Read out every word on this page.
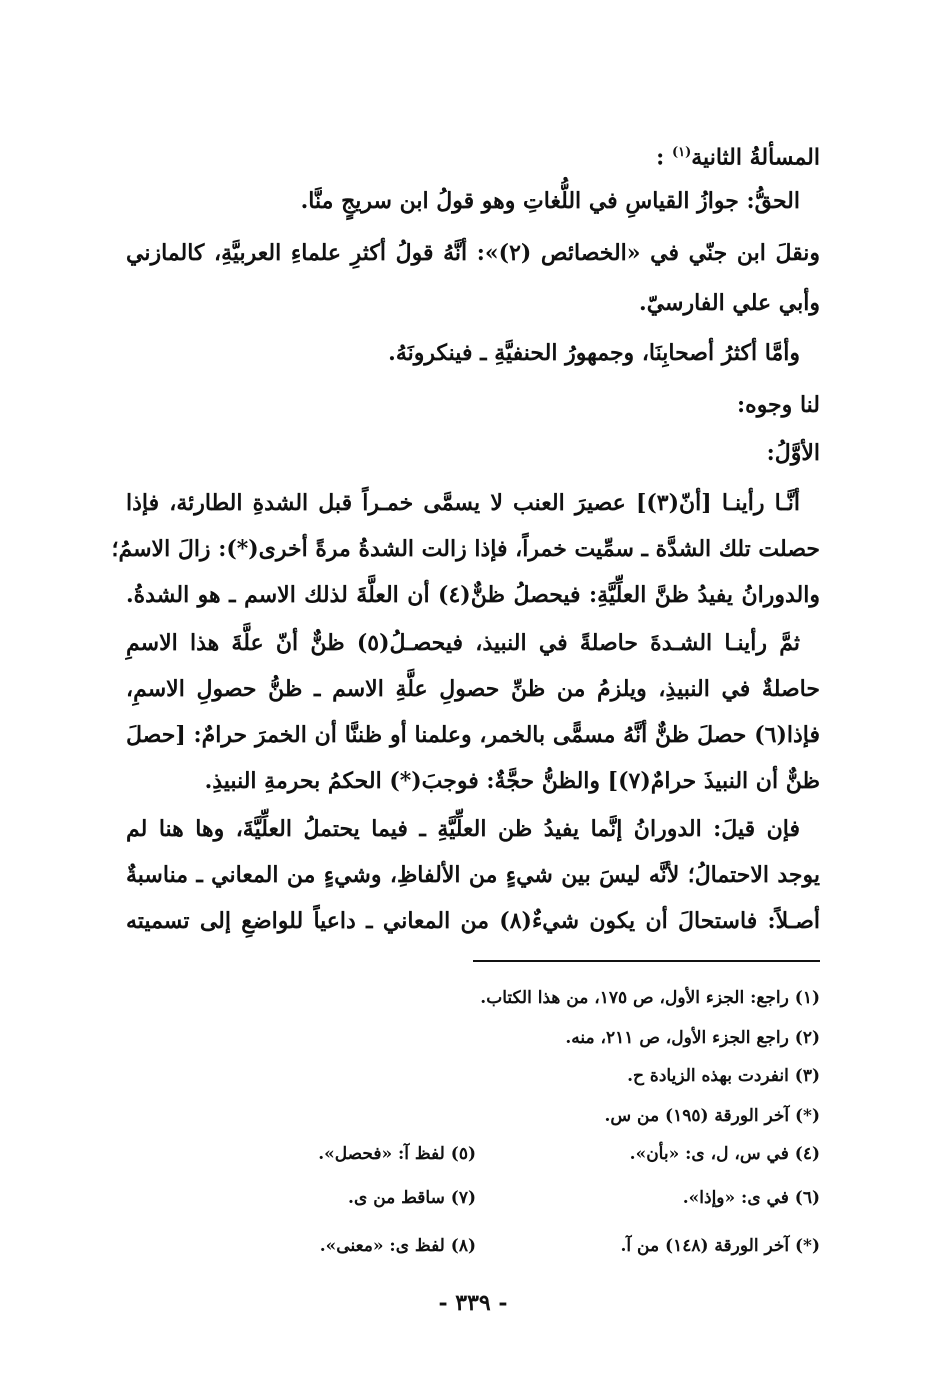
المسألةُ الثانية$^{(١)}$ :
الحقُّ: جوازُ القياسِ في اللُّغاتِ وهو قولُ ابن سريجٍ منَّا.
ونقلَ ابن جنّي في «الخصائص (٢)»: أنَّهُ قولُ أكثرِ علماءِ العربيَّةِ، كالمازني
وأبي علي الفارسيّ.
وأمَّا أكثرُ أصحابِنَا، وجمهورُ الحنفيَّةِ ـ فينكرونَهُ.
لنا وجوه:
الأوَّلُ:
أنَّـا رأينـا [أنّ(٣)] عصيرَ العنب لا يسمَّى خمـراً قبل الشدةِ الطارئة، فإذا
حصلت تلك الشدَّة ـ سمِّيت خمراً، فإذا زالت الشدةُ مرةً أخرى(*): زالَ الاسمُ؛
والدورانُ يفيدُ ظنَّ العلِّيَّةِ: فيحصلُ ظنٌّ(٤) أن العلَّةَ لذلك الاسم ـ هو الشدةُ.
ثمَّ رأينـا الشـدةَ حاصلةً في النبيذ، فيحصـلُ(٥) ظنٌّ أنّ علَّةَ هذا الاسمِ
حاصلةٌ في النبيذِ، ويلزمُ من ظنِّ حصولِ علَّةِ الاسم ـ ظنُّ حصولِ الاسمِ،
فإذا(٦) حصلَ ظنٌّ أنَّهُ مسمًّى بالخمر، وعلمنا أو ظننَّا أن الخمرَ حرامٌ: [حصلَ
ظنٌّ أن النبيذَ حرامٌ(٧)] والظنُّ حجَّةٌ: فوجبَ(*) الحكمُ بحرمةِ النبيذِ.
فإن قيلَ: الدورانُ إنَّما يفيدُ ظن العلِّيَّةِ ـ فيما يحتملُ العلِّيَّةَ، وها هنا لم
يوجد الاحتمالُ؛ لأنَّه ليسَ بين شيءٍ من الألفاظِ، وشيءٍ من المعاني ـ مناسبةٌ
أصـلاً: فاستحالَ أن يكون شيءٌ(٨) من المعاني ـ داعياً للواضعِ إلى تسميته
(١) راجع: الجزء الأول، ص ١٧٥، من هذا الكتاب.
(٢) راجع الجزء الأول، ص ٢١١، منه.
(٣) انفردت بهذه الزيادة ح.
(*) آخر الورقة (١٩٥) من س.
(٤) في س، ل، ى: «بأن».
(٥) لفظ آ: «فحصل».
(٦) في ى: «وإذا».
(٧) ساقط من ى.
(*) آخر الورقة (١٤٨) من آ.
(٨) لفظ ى: «معنى».
- ٣٣٩ -
